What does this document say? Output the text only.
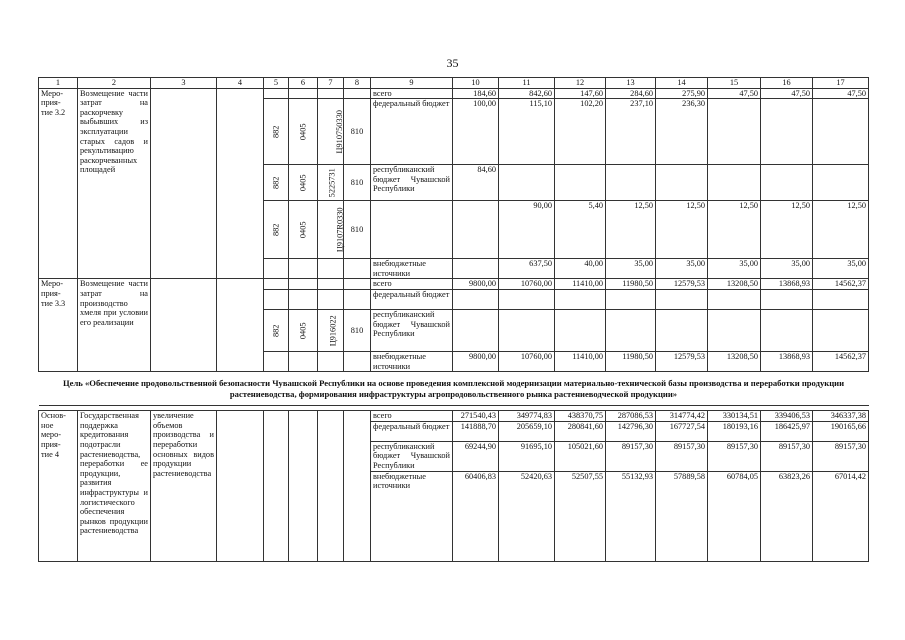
35
1	2	3	4	5	6	7	8	9	10	11	12	13	14	15	16	17
Меро-
прия-
тие 3.2	Возмещение части затрат на раскорчевку выбывших из эксплуатации старых садов и рекультивацию раскорчеванных площадей							всего	184,60	842,60	147,60	284,60	275,90	47,50	47,50	47,50
				882	0405	Ц910750330	810	федеральный бюджет	100,00	115,10	102,20	237,10	236,30			
				882	0405	5225731	810	республиканский бюджет Чувашской Республики	84,60							
				882	0405	Ц9107R0330	810			90,00	5,40	12,50	12,50	12,50	12,50	12,50
								внебюджетные источники		637,50	40,00	35,00	35,00	35,00	35,00	35,00
Меро-
прия-
тие 3.3	Возмещение части затрат на производство хмеля при условии его реализации							всего	9800,00	10760,00	11410,00	11980,50	12579,53	13208,50	13868,93	14562,37
								федеральный бюджет								
				882	0405	Ц916022	810	республиканский бюджет Чувашской Республики								
								внебюджетные источники	9800,00	10760,00	11410,00	11980,50	12579,53	13208,50	13868,93	14562,37
Цель «Обеспечение продовольственной безопасности Чувашской Республики на основе проведения комплексной модернизации материально-технической базы производства и переработки продукции растениеводства, формирования инфраструктуры агропродовольственного рынка растениеводческой продукции»																

Основ-
ное
меро-
прия-
тие 4	Государственная поддержка кредитования подотрасли растениеводства, переработки ее продукции, развития инфраструктуры и логистического обеспечения рынков продукции растениеводства	увеличение объемов производства и переработки основных видов продукции растениеводства						всего	271540,43	349774,83	438370,75	287086,53	314774,42	330134,51	339406,53	346337,38
								федеральный бюджет	141888,70	205659,10	280841,60	142796,30	167727,54	180193,16	186425,97	190165,66
								республиканский бюджет Чувашской Республики	69244,90	91695,10	105021,60	89157,30	89157,30	89157,30	89157,30	89157,30
								внебюджетные источники	60406,83	52420,63	52507,55	55132,93	57889,58	60784,05	63823,26	67014,42
